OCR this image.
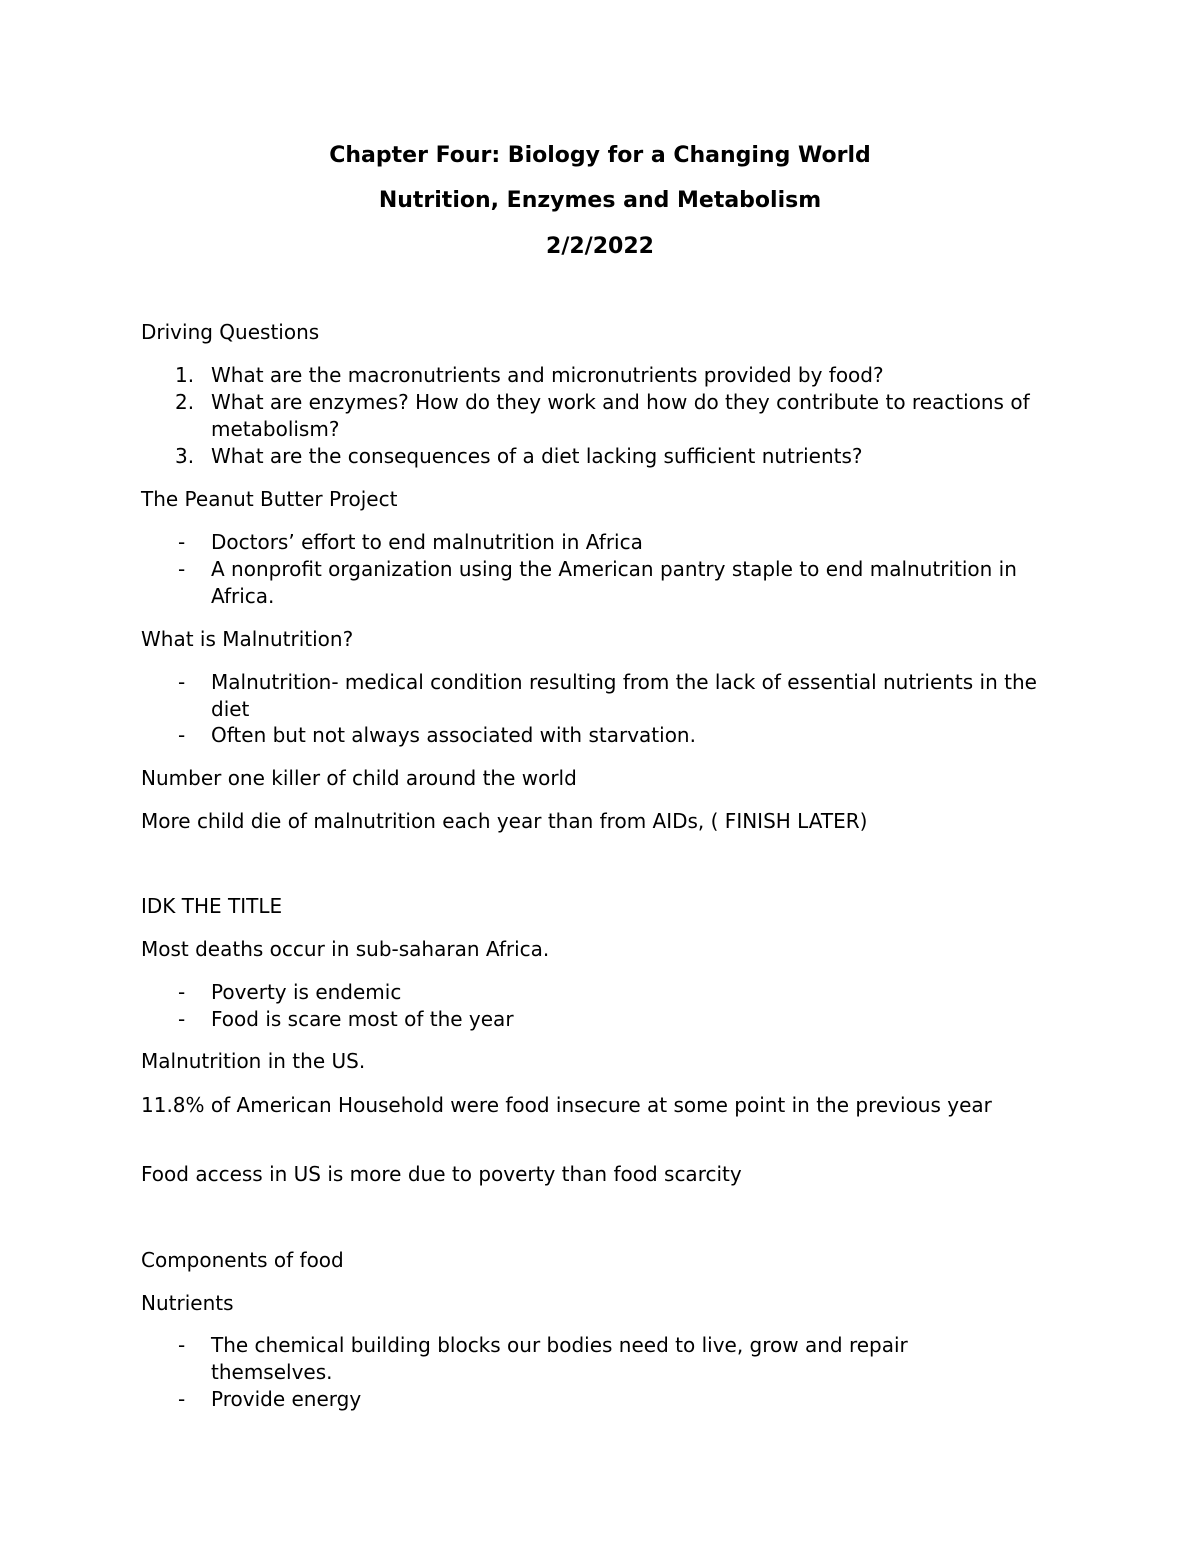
Chapter Four: Biology for a Changing World
Nutrition, Enzymes and Metabolism
2/2/2022
Driving Questions
1. What are the macronutrients and micronutrients provided by food?
2. What are enzymes? How do they work and how do they contribute to reactions of metabolism?
3. What are the consequences of a diet lacking sufficient nutrients?
The Peanut Butter Project
- Doctors’ effort to end malnutrition in Africa
- A nonprofit organization using the American pantry staple to end malnutrition in Africa.
What is Malnutrition?
- Malnutrition- medical condition resulting from the lack of essential nutrients in the diet
- Often but not always associated with starvation.
Number one killer of child around the world
More child die of malnutrition each year than from AIDs, ( FINISH LATER)
IDK THE TITLE
Most deaths occur in sub-saharan Africa.
- Poverty is endemic
- Food is scare most of the year
Malnutrition in the US.
11.8% of American Household were food insecure at some point in the previous year
Food access in US is more due to poverty than food scarcity
Components of food
Nutrients
- The chemical building blocks our bodies need to live, grow and repair themselves.
- Provide energy
